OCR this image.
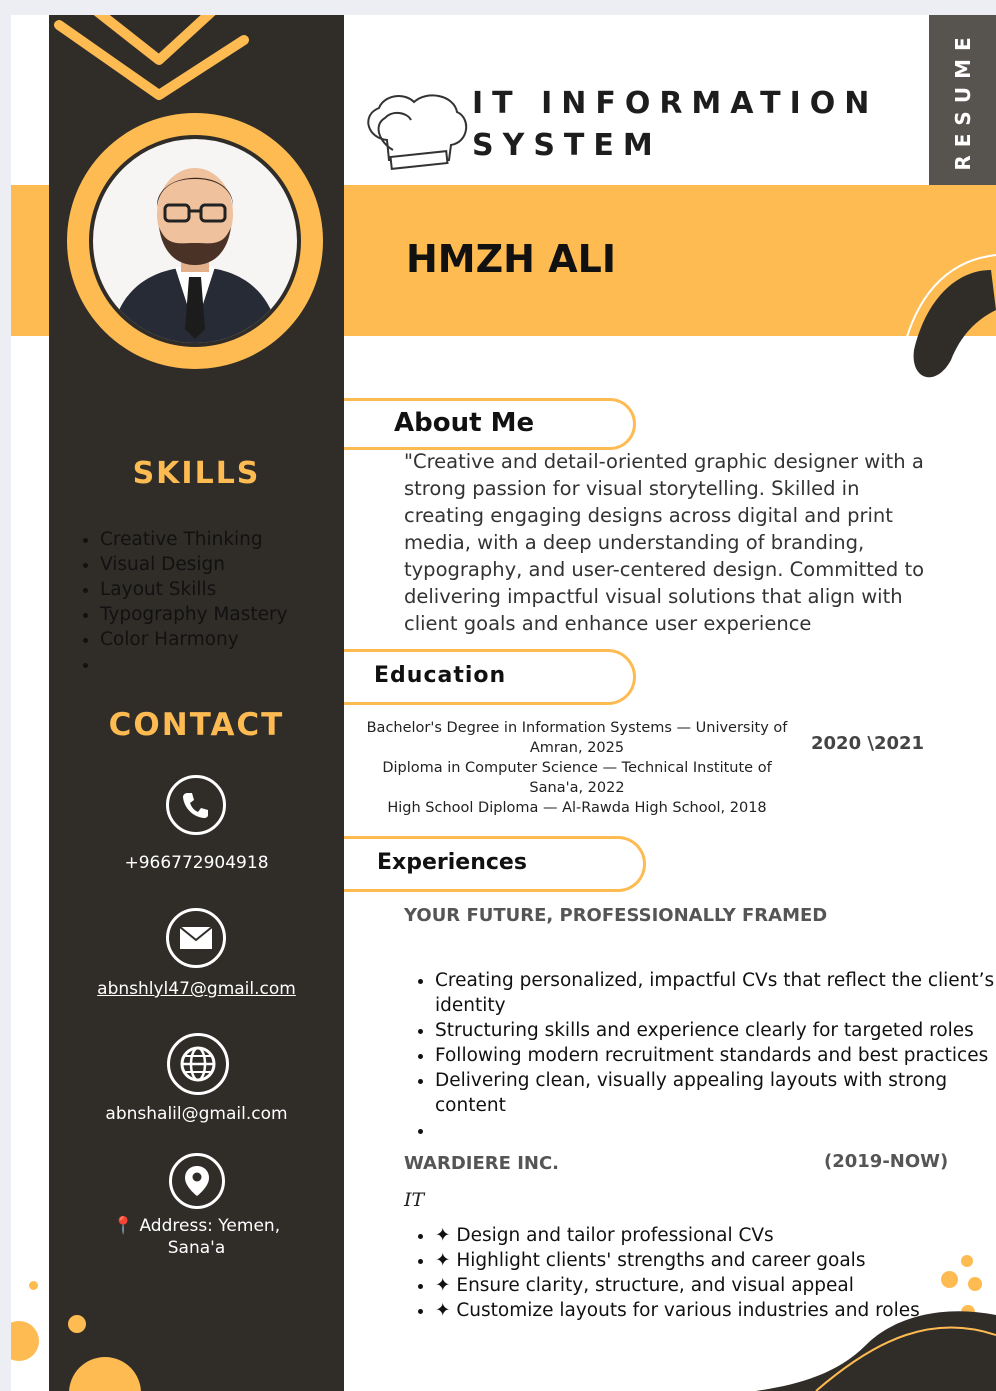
RESUME
IT INFORMATION
SYSTEM
HMZH ALI
About Me
"Creative and detail-oriented graphic designer with a strong passion for visual storytelling. Skilled in creating engaging designs across digital and print media, with a deep understanding of branding, typography, and user-centered design. Committed to delivering impactful visual solutions that align with client goals and enhance user experience
Education
Bachelor's Degree in Information Systems — University of Amran, 2025
Diploma in Computer Science — Technical Institute of Sana'a, 2022
High School Diploma — Al-Rawda High School, 2018
2020 \2021
Experiences
YOUR FUTURE, PROFESSIONALLY FRAMED
• Creating personalized, impactful CVs that reflect the client’s identity
• Structuring skills and experience clearly for targeted roles
• Following modern recruitment standards and best practices
• Delivering clean, visually appealing layouts with strong content
•
WARDIERE INC.	(2019-NOW)
IT
• ✦ Design and tailor professional CVs
• ✦ Highlight clients' strengths and career goals
• ✦ Ensure clarity, structure, and visual appeal
• ✦ Customize layouts for various industries and roles
SKILLS
• Creative Thinking
• Visual Design
• Layout Skills
• Typography Mastery
• Color Harmony
•
CONTACT
+966772904918
abnshlyl47@gmail.com
abnshalil@gmail.com
📍 Address: Yemen,
Sana'a
